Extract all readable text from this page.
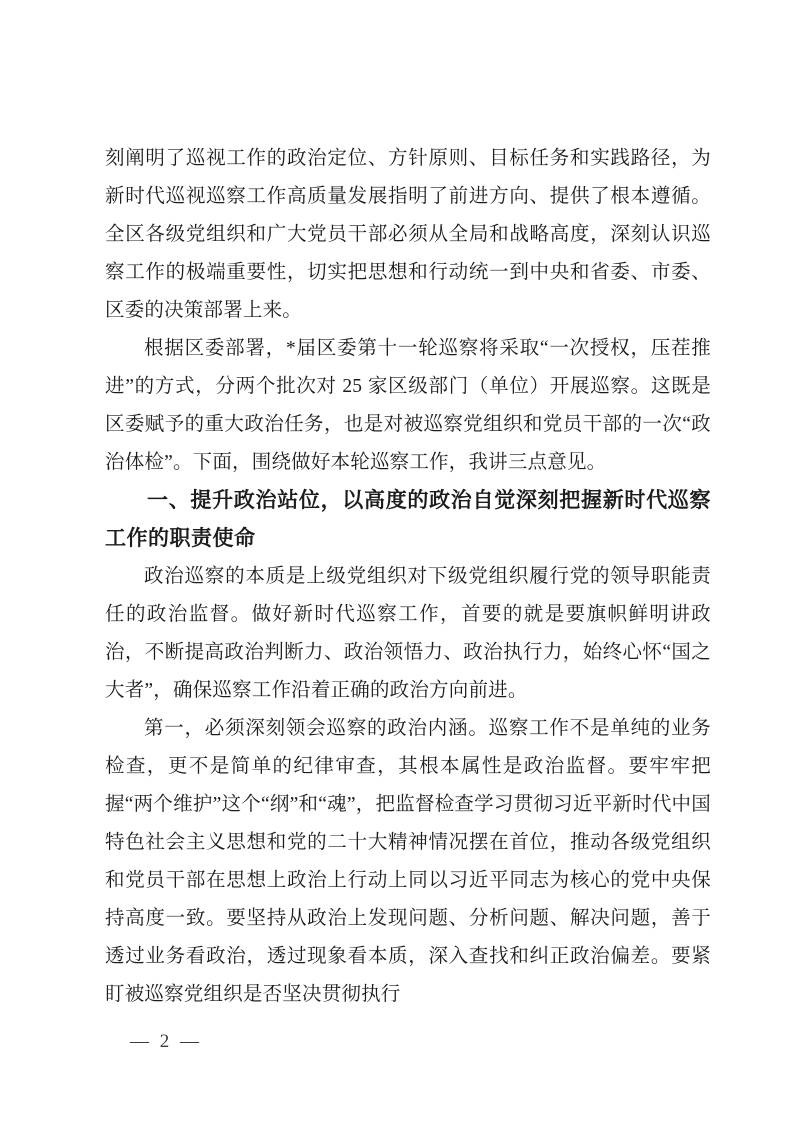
刻阐明了巡视工作的政治定位、方针原则、目标任务和实践路径，为新时代巡视巡察工作高质量发展指明了前进方向、提供了根本遵循。全区各级党组织和广大党员干部必须从全局和战略高度，深刻认识巡察工作的极端重要性，切实把思想和行动统一到中央和省委、市委、区委的决策部署上来。

根据区委部署，*届区委第十一轮巡察将采取“一次授权，压茬推进”的方式，分两个批次对 25 家区级部门（单位）开展巡察。这既是区委赋予的重大政治任务，也是对被巡察党组织和党员干部的一次“政治体检”。下面，围绕做好本轮巡察工作，我讲三点意见。

一、提升政治站位，以高度的政治自觉深刻把握新时代巡察工作的职责使命

政治巡察的本质是上级党组织对下级党组织履行党的领导职能责任的政治监督。做好新时代巡察工作，首要的就是要旗帜鲜明讲政治，不断提高政治判断力、政治领悟力、政治执行力，始终心怀“国之大者”，确保巡察工作沿着正确的政治方向前进。

第一，必须深刻领会巡察的政治内涵。巡察工作不是单纯的业务检查，更不是简单的纪律审查，其根本属性是政治监督。要牢牢把握“两个维护”这个“纲”和“魂”，把监督检查学习贯彻习近平新时代中国特色社会主义思想和党的二十大精神情况摆在首位，推动各级党组织和党员干部在思想上政治上行动上同以习近平同志为核心的党中央保持高度一致。要坚持从政治上发现问题、分析问题、解决问题，善于透过业务看政治，透过现象看本质，深入查找和纠正政治偏差。要紧盯被巡察党组织是否坚决贯彻执行

— 2 —
